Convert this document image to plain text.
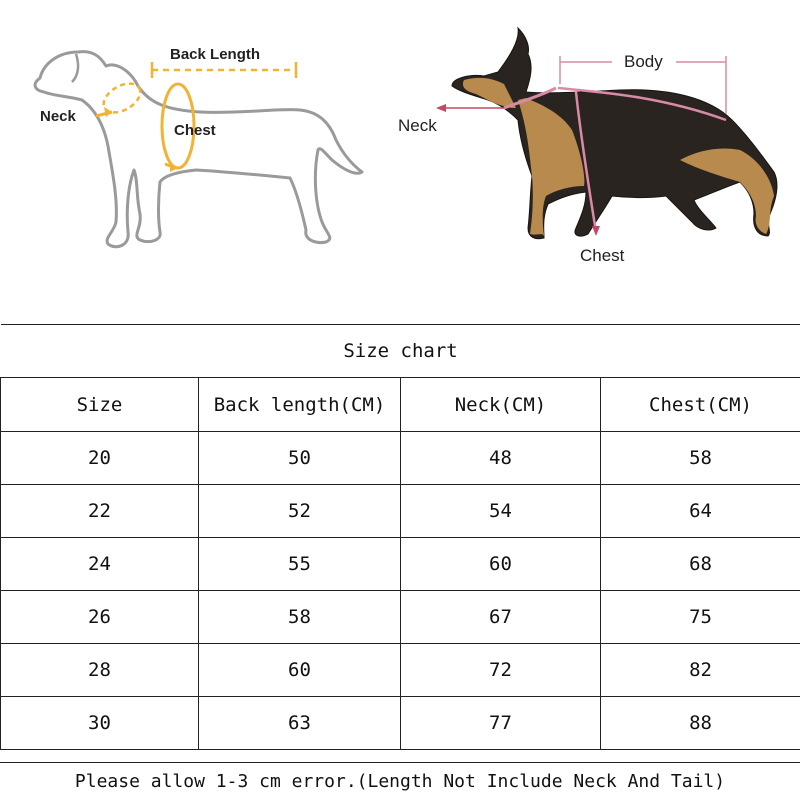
Back Length
Neck
Chest
Body
Neck
Chest
Size chart			
Size	Back length(CM)	Neck(CM)	Chest(CM)
20	50	48	58
22	52	54	64
24	55	60	68
26	58	67	75
28	60	72	82
30	63	77	88
Please allow 1-3 cm error.(Length Not Include Neck And Tail)
